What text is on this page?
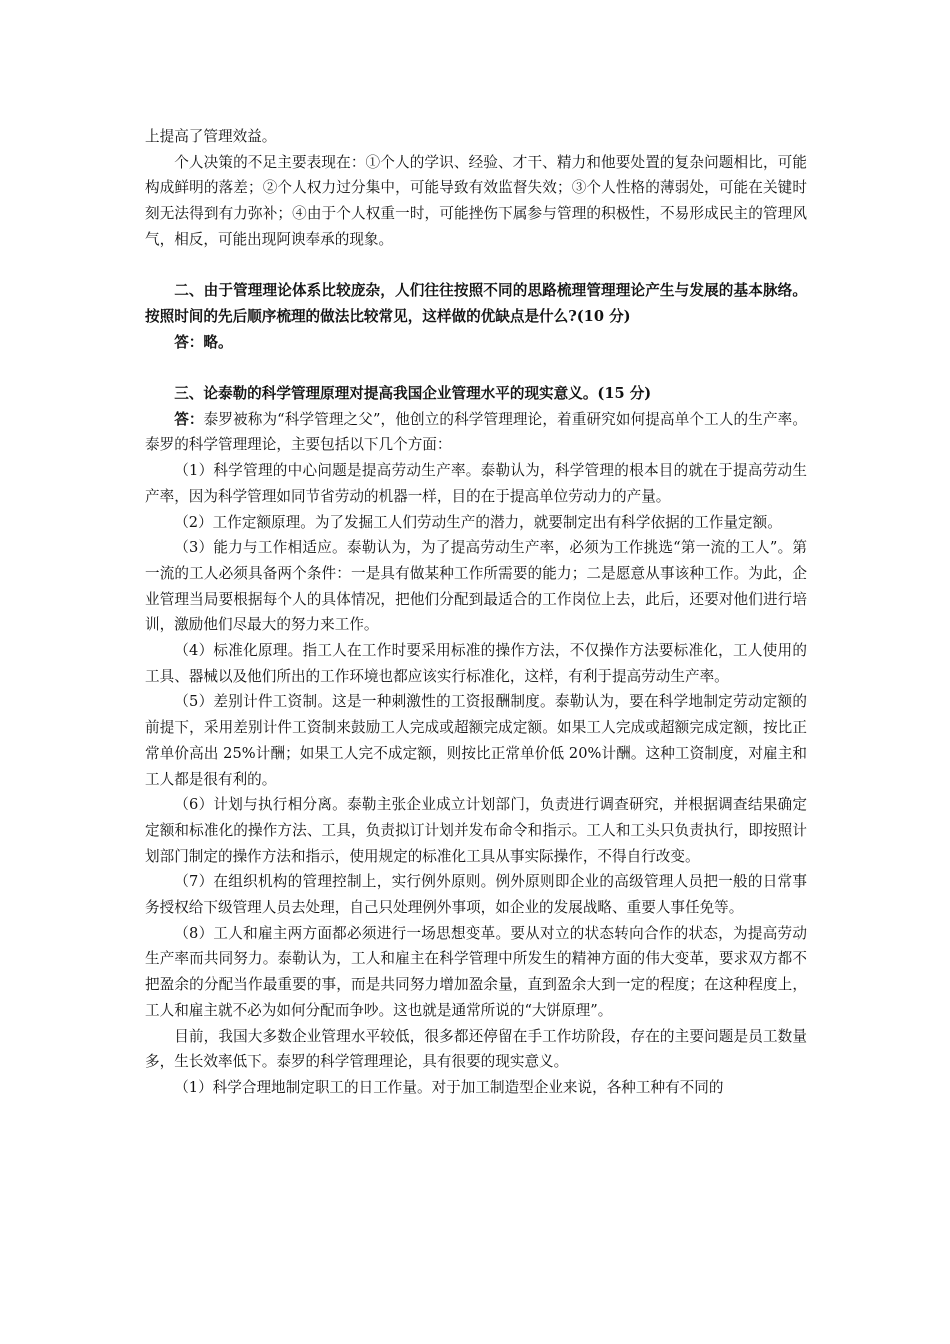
上提高了管理效益。

个人决策的不足主要表现在：①个人的学识、经验、才干、精力和他要处置的复杂问题相比，可能构成鲜明的落差；②个人权力过分集中，可能导致有效监督失效；③个人性格的薄弱处，可能在关键时刻无法得到有力弥补；④由于个人权重一时，可能挫伤下属参与管理的积极性，不易形成民主的管理风气，相反，可能出现阿谀奉承的现象。

二、由于管理理论体系比较庞杂，人们往往按照不同的思路梳理管理理论产生与发展的基本脉络。按照时间的先后顺序梳理的做法比较常见，这样做的优缺点是什么?(10 分)

答：略。

三、论泰勒的科学管理原理对提高我国企业管理水平的现实意义。(15 分)

答：泰罗被称为“科学管理之父”，他创立的科学管理理论，着重研究如何提高单个工人的生产率。泰罗的科学管理理论，主要包括以下几个方面：

（1）科学管理的中心问题是提高劳动生产率。泰勒认为，科学管理的根本目的就在于提高劳动生产率，因为科学管理如同节省劳动的机器一样，目的在于提高单位劳动力的产量。

（2）工作定额原理。为了发掘工人们劳动生产的潜力，就要制定出有科学依据的工作量定额。

（3）能力与工作相适应。泰勒认为，为了提高劳动生产率，必须为工作挑选“第一流的工人”。第一流的工人必须具备两个条件：一是具有做某种工作所需要的能力；二是愿意从事该种工作。为此，企业管理当局要根据每个人的具体情况，把他们分配到最适合的工作岗位上去，此后，还要对他们进行培训，激励他们尽最大的努力来工作。

（4）标准化原理。指工人在工作时要采用标准的操作方法，不仅操作方法要标准化，工人使用的工具、器械以及他们所出的工作环境也都应该实行标准化，这样，有利于提高劳动生产率。

（5）差别计件工资制。这是一种刺激性的工资报酬制度。泰勒认为，要在科学地制定劳动定额的前提下，采用差别计件工资制来鼓励工人完成或超额完成定额。如果工人完成或超额完成定额，按比正常单价高出 25%计酬；如果工人完不成定额，则按比正常单价低 20%计酬。这种工资制度，对雇主和工人都是很有利的。

（6）计划与执行相分离。泰勒主张企业成立计划部门，负责进行调查研究，并根据调查结果确定定额和标准化的操作方法、工具，负责拟订计划并发布命令和指示。工人和工头只负责执行，即按照计划部门制定的操作方法和指示，使用规定的标准化工具从事实际操作，不得自行改变。

（7）在组织机构的管理控制上，实行例外原则。例外原则即企业的高级管理人员把一般的日常事务授权给下级管理人员去处理，自己只处理例外事项，如企业的发展战略、重要人事任免等。

（8）工人和雇主两方面都必须进行一场思想变革。要从对立的状态转向合作的状态，为提高劳动生产率而共同努力。泰勒认为，工人和雇主在科学管理中所发生的精神方面的伟大变革，要求双方都不把盈余的分配当作最重要的事，而是共同努力增加盈余量，直到盈余大到一定的程度；在这种程度上，工人和雇主就不必为如何分配而争吵。这也就是通常所说的“大饼原理”。

目前，我国大多数企业管理水平较低，很多都还停留在手工作坊阶段，存在的主要问题是员工数量多，生长效率低下。泰罗的科学管理理论，具有很要的现实意义。

（1）科学合理地制定职工的日工作量。对于加工制造型企业来说，各种工种有不同的
